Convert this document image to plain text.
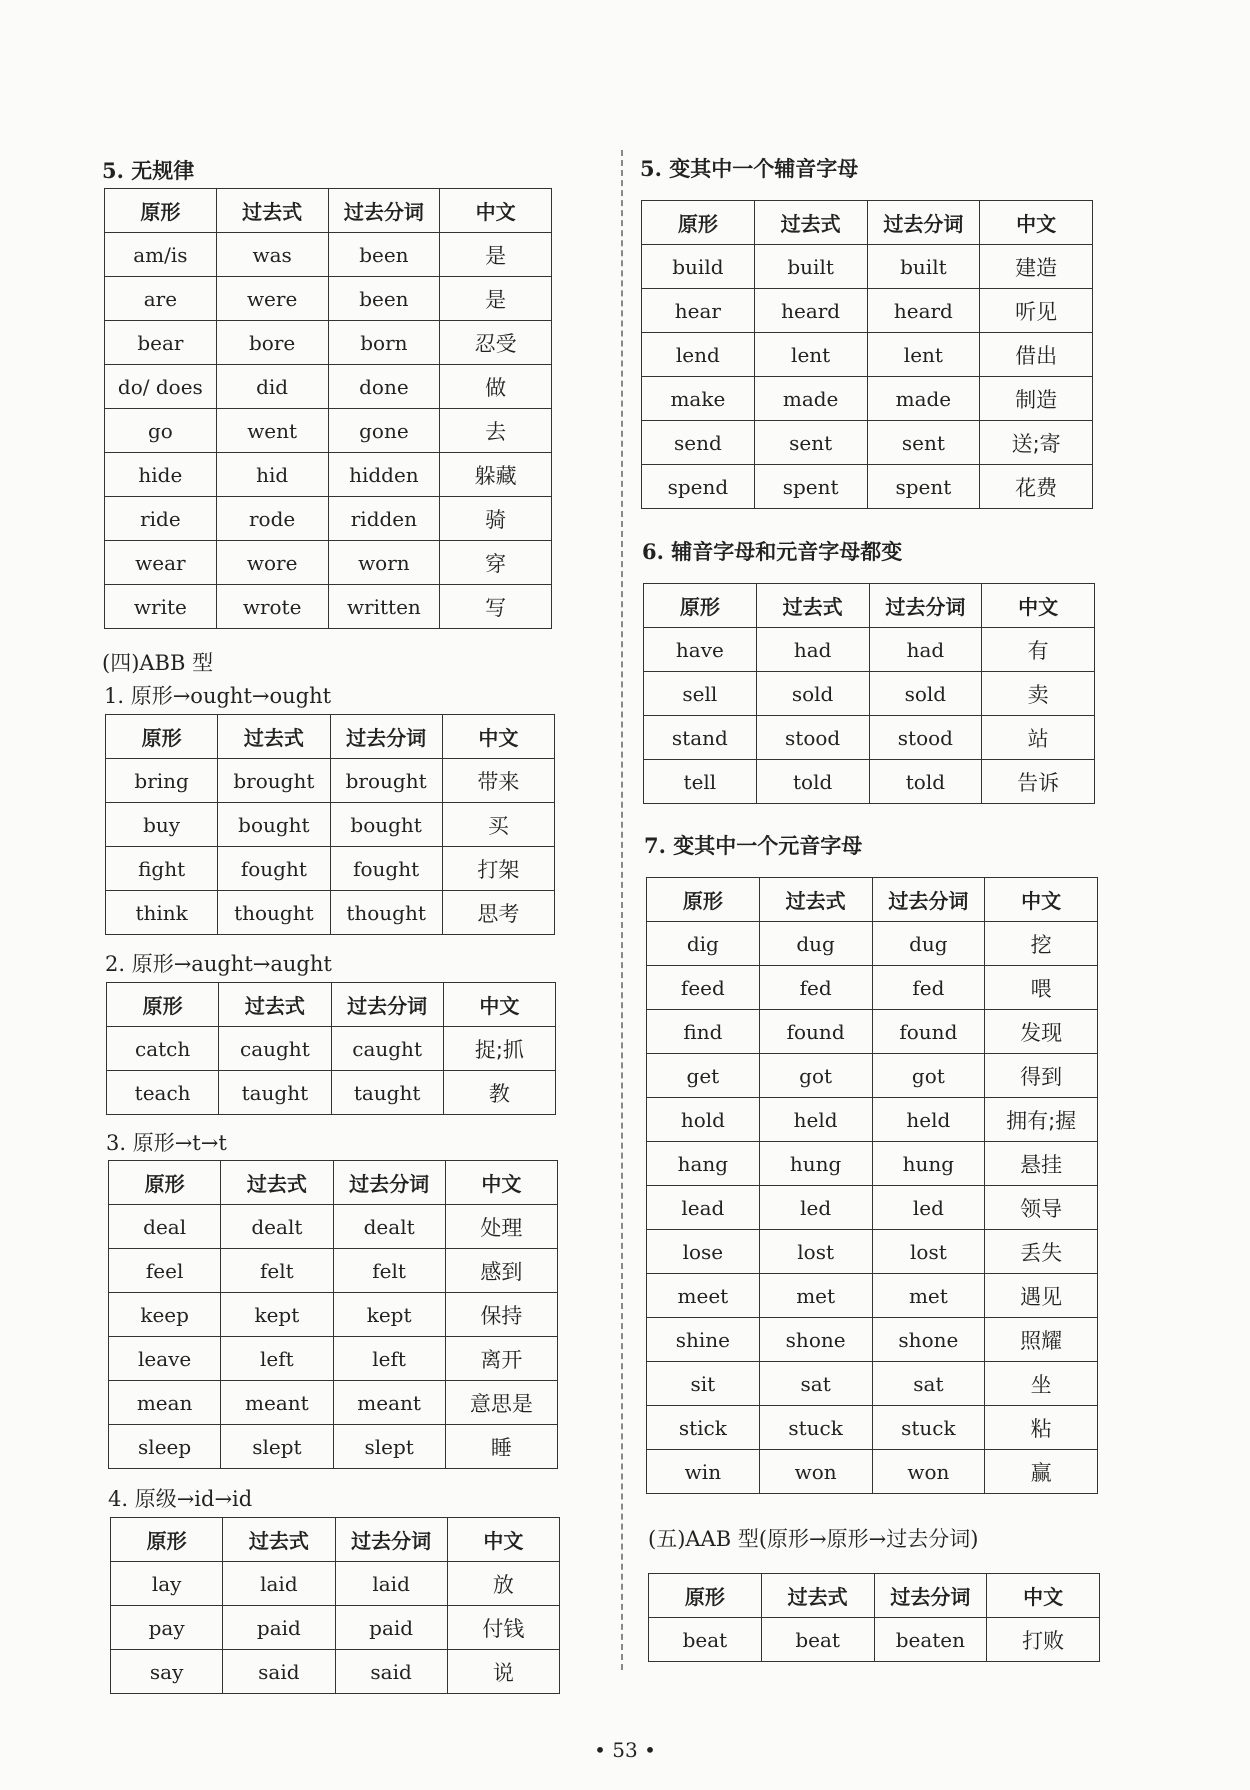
5. 无规律
原形	过去式	过去分词	中文
am/is	was	been	是
are	were	been	是
bear	bore	born	忍受
do/ does	did	done	做
go	went	gone	去
hide	hid	hidden	躲藏
ride	rode	ridden	骑
wear	wore	worn	穿
write	wrote	written	写
(四)ABB 型
1. 原形→ought→ought
原形	过去式	过去分词	中文
bring	brought	brought	带来
buy	bought	bought	买
fight	fought	fought	打架
think	thought	thought	思考
2. 原形→aught→aught
原形	过去式	过去分词	中文
catch	caught	caught	捉;抓
teach	taught	taught	教
3. 原形→t→t
原形	过去式	过去分词	中文
deal	dealt	dealt	处理
feel	felt	felt	感到
keep	kept	kept	保持
leave	left	left	离开
mean	meant	meant	意思是
sleep	slept	slept	睡
4. 原级→id→id
原形	过去式	过去分词	中文
lay	laid	laid	放
pay	paid	paid	付钱
say	said	said	说
5. 变其中一个辅音字母
原形	过去式	过去分词	中文
build	built	built	建造
hear	heard	heard	听见
lend	lent	lent	借出
make	made	made	制造
send	sent	sent	送;寄
spend	spent	spent	花费
6. 辅音字母和元音字母都变
原形	过去式	过去分词	中文
have	had	had	有
sell	sold	sold	卖
stand	stood	stood	站
tell	told	told	告诉
7. 变其中一个元音字母
原形	过去式	过去分词	中文
dig	dug	dug	挖
feed	fed	fed	喂
find	found	found	发现
get	got	got	得到
hold	held	held	拥有;握
hang	hung	hung	悬挂
lead	led	led	领导
lose	lost	lost	丢失
meet	met	met	遇见
shine	shone	shone	照耀
sit	sat	sat	坐
stick	stuck	stuck	粘
win	won	won	赢
(五)AAB 型(原形→原形→过去分词)
原形	过去式	过去分词	中文
beat	beat	beaten	打败
• 53 •
